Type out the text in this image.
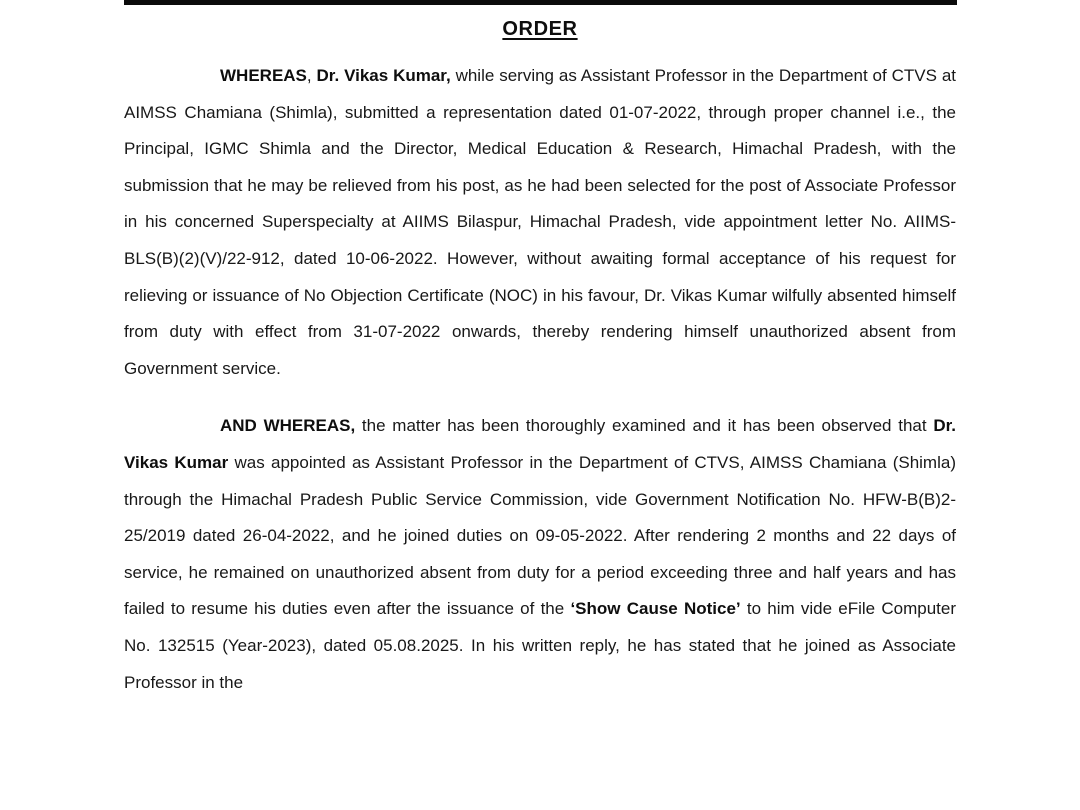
ORDER

WHEREAS, Dr. Vikas Kumar, while serving as Assistant Professor in the Department of CTVS at AIMSS Chamiana (Shimla), submitted a representation dated 01-07-2022, through proper channel i.e., the Principal, IGMC Shimla and the Director, Medical Education & Research, Himachal Pradesh, with the submission that he may be relieved from his post, as he had been selected for the post of Associate Professor in his concerned Superspecialty at AIIMS Bilaspur, Himachal Pradesh, vide appointment letter No. AIIMS-BLS(B)(2)(V)/22-912, dated 10-06-2022. However, without awaiting formal acceptance of his request for relieving or issuance of No Objection Certificate (NOC) in his favour, Dr. Vikas Kumar wilfully absented himself from duty with effect from 31-07-2022 onwards, thereby rendering himself unauthorized absent from Government service.

AND WHEREAS, the matter has been thoroughly examined and it has been observed that Dr. Vikas Kumar was appointed as Assistant Professor in the Department of CTVS, AIMSS Chamiana (Shimla) through the Himachal Pradesh Public Service Commission, vide Government Notification No. HFW-B(B)2-25/2019 dated 26-04-2022, and he joined duties on 09-05-2022. After rendering 2 months and 22 days of service, he remained on unauthorized absent from duty for a period exceeding three and half years and has failed to resume his duties even after the issuance of the ‘Show Cause Notice’ to him vide eFile Computer No. 132515 (Year-2023), dated 05.08.2025. In his written reply, he has stated that he joined as Associate Professor in the
